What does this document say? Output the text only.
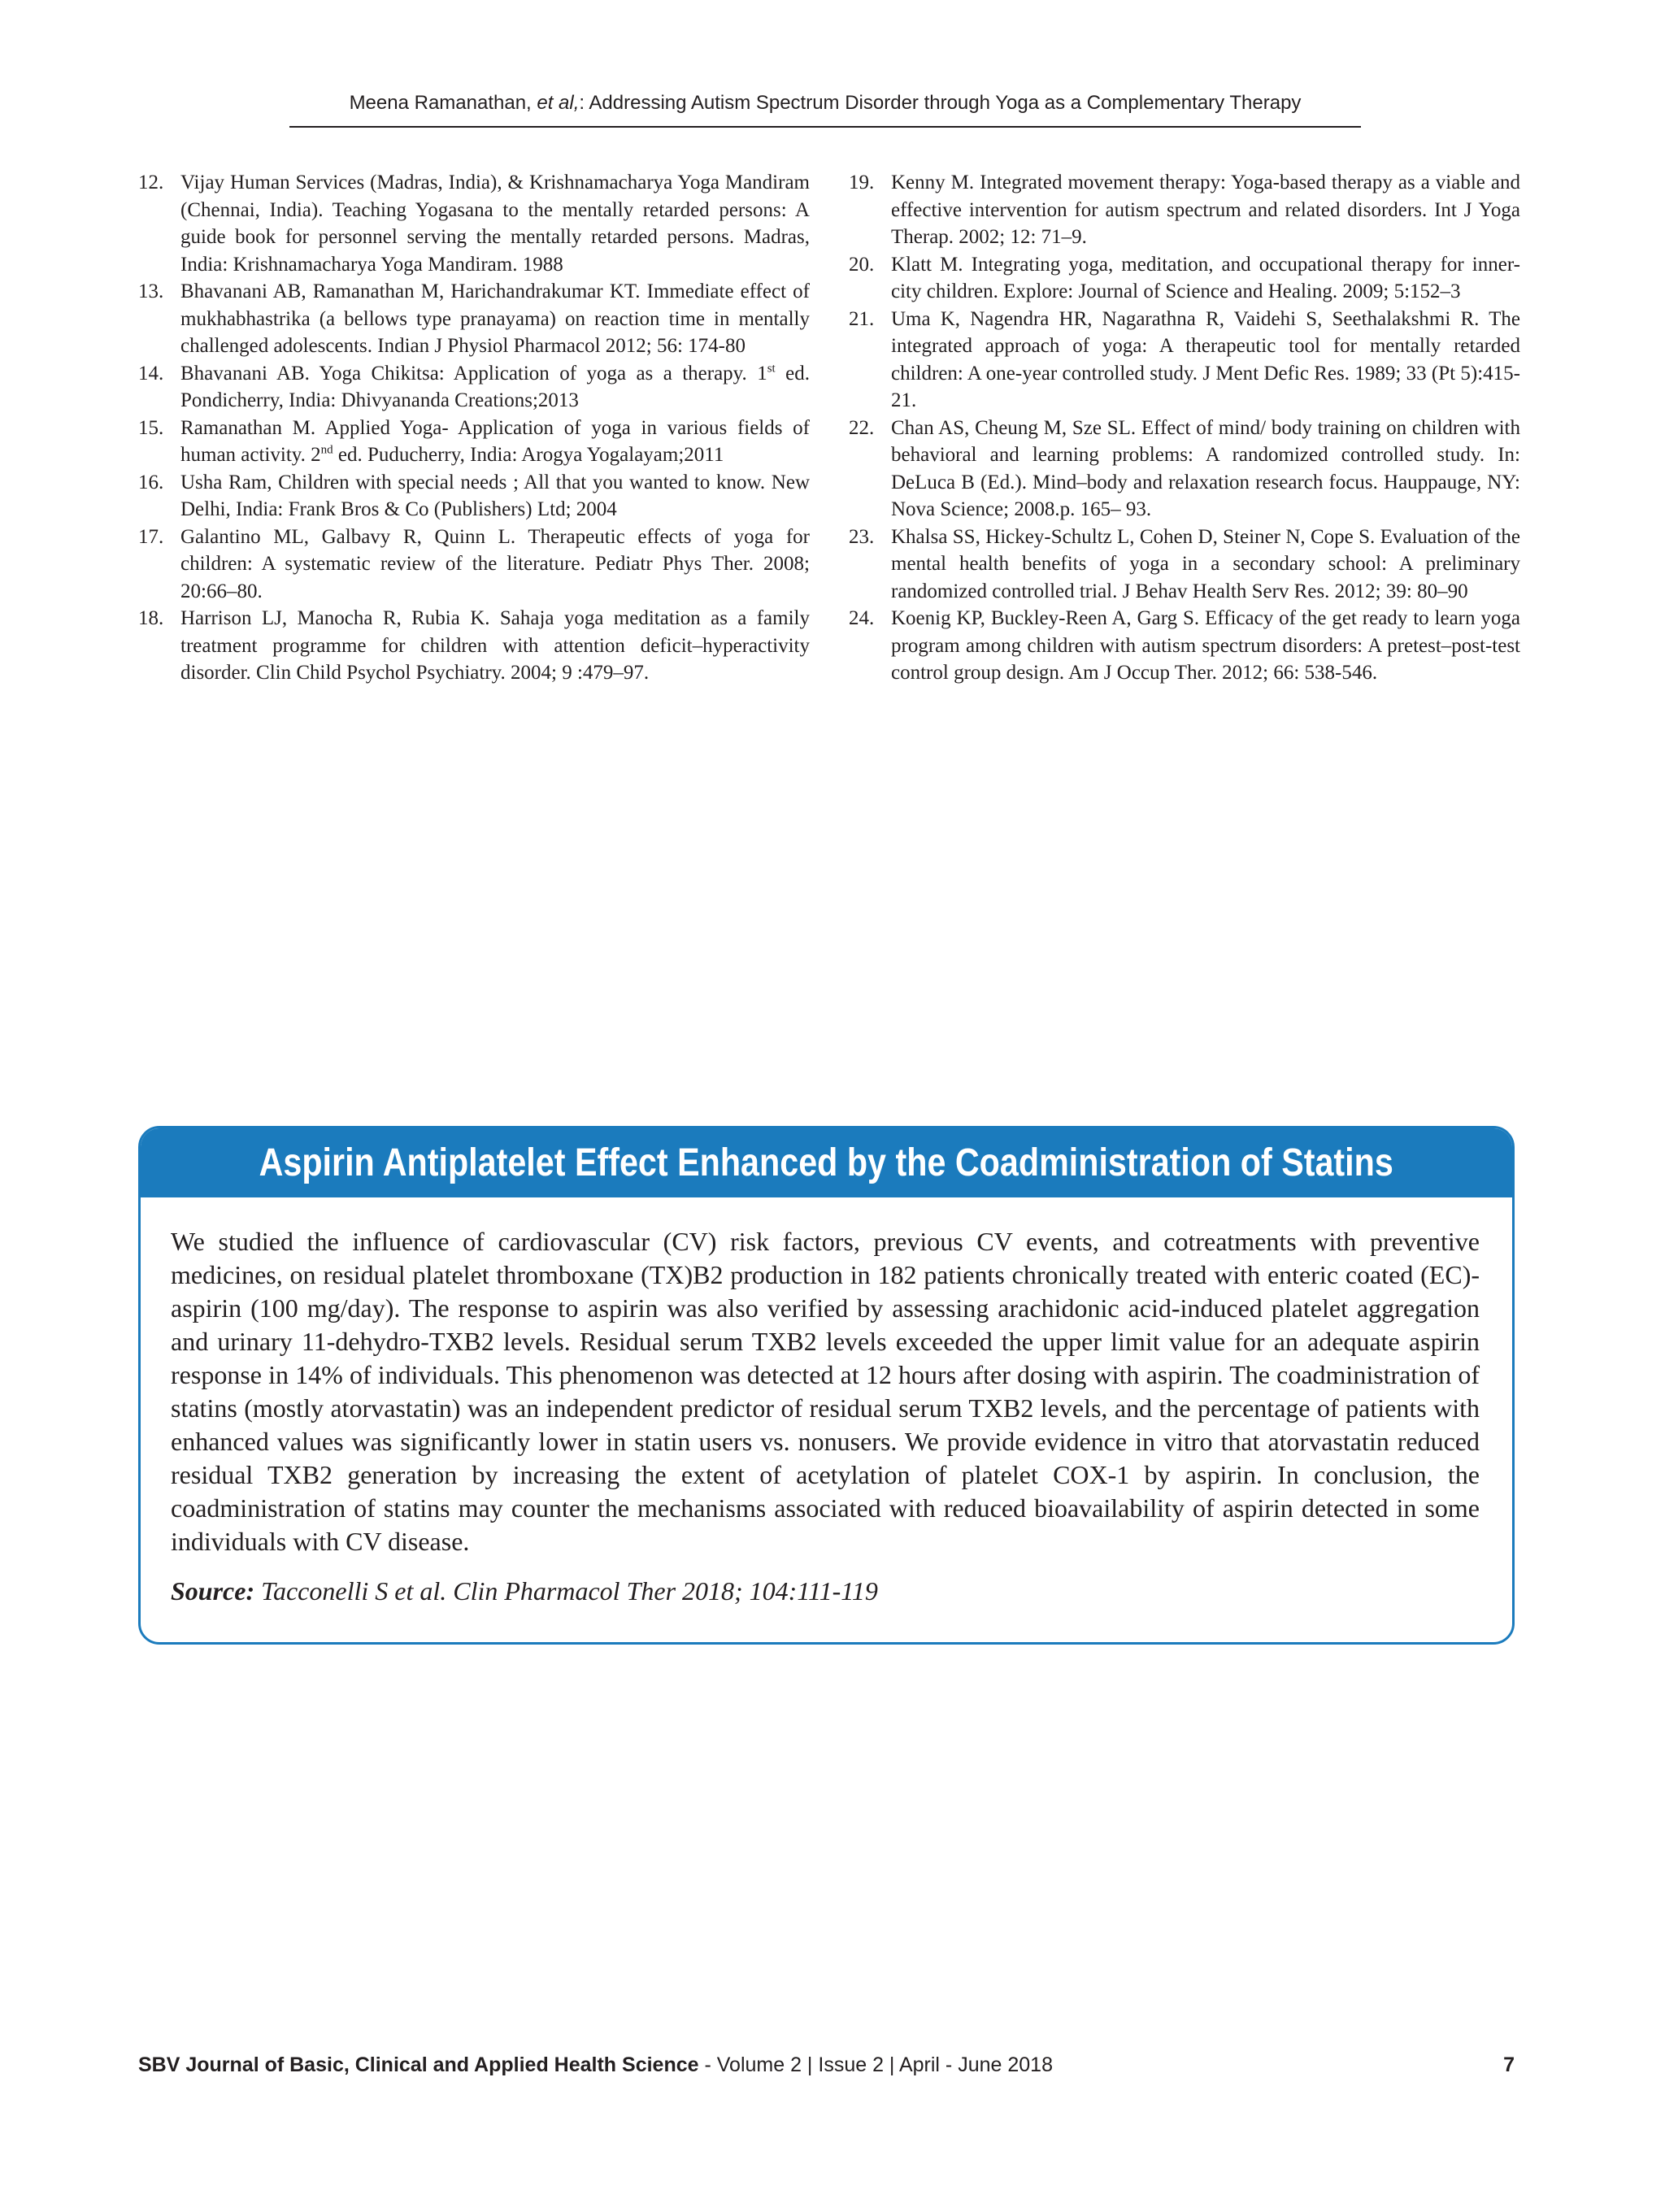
Meena Ramanathan, et al,: Addressing Autism Spectrum Disorder through Yoga as a Complementary Therapy
12. Vijay Human Services (Madras, India), & Krishnamacharya Yoga Mandiram (Chennai, India). Teaching Yogasana to the mentally retarded persons: A guide book for personnel serving the mentally retarded persons. Madras, India: Krishnamacharya Yoga Mandiram. 1988
13. Bhavanani AB, Ramanathan M, Harichandrakumar KT. Immediate effect of mukhabhastrika (a bellows type pranayama) on reaction time in mentally challenged adolescents. Indian J Physiol Pharmacol 2012; 56: 174-80
14. Bhavanani AB. Yoga Chikitsa: Application of yoga as a therapy. 1st ed. Pondicherry, India: Dhivyananda Creations;2013
15. Ramanathan M. Applied Yoga- Application of yoga in various fields of human activity. 2nd ed. Puducherry, India: Arogya Yogalayam;2011
16. Usha Ram, Children with special needs ; All that you wanted to know. New Delhi, India: Frank Bros & Co (Publishers) Ltd; 2004
17. Galantino ML, Galbavy R, Quinn L. Therapeutic effects of yoga for children: A systematic review of the literature. Pediatr Phys Ther. 2008; 20:66–80.
18. Harrison LJ, Manocha R, Rubia K. Sahaja yoga meditation as a family treatment programme for children with attention deficit–hyperactivity disorder. Clin Child Psychol Psychiatry. 2004; 9 :479–97.
19. Kenny M. Integrated movement therapy: Yoga-based therapy as a viable and effective intervention for autism spectrum and related disorders. Int J Yoga Therap. 2002; 12: 71–9.
20. Klatt M. Integrating yoga, meditation, and occupational therapy for inner-city children. Explore: Journal of Science and Healing. 2009; 5:152–3
21. Uma K, Nagendra HR, Nagarathna R, Vaidehi S, Seethalakshmi R. The integrated approach of yoga: A therapeutic tool for mentally retarded children: A one-year controlled study. J Ment Defic Res. 1989; 33 (Pt 5):415-21.
22. Chan AS, Cheung M, Sze SL. Effect of mind/ body training on children with behavioral and learning problems: A randomized controlled study. In: DeLuca B (Ed.). Mind–body and relaxation research focus. Hauppauge, NY: Nova Science; 2008.p. 165– 93.
23. Khalsa SS, Hickey-Schultz L, Cohen D, Steiner N, Cope S. Evaluation of the mental health benefits of yoga in a secondary school: A preliminary randomized controlled trial. J Behav Health Serv Res. 2012; 39: 80–90
24. Koenig KP, Buckley-Reen A, Garg S. Efficacy of the get ready to learn yoga program among children with autism spectrum disorders: A pretest–post-test control group design. Am J Occup Ther. 2012; 66: 538-546.
Aspirin Antiplatelet Effect Enhanced by the Coadministration of Statins
We studied the influence of cardiovascular (CV) risk factors, previous CV events, and cotreatments with preventive medicines, on residual platelet thromboxane (TX)B2 production in 182 patients chronically treated with enteric coated (EC)-aspirin (100 mg/day). The response to aspirin was also verified by assessing arachidonic acid-induced platelet aggregation and urinary 11-dehydro-TXB2 levels. Residual serum TXB2 levels exceeded the upper limit value for an adequate aspirin response in 14% of individuals. This phenomenon was detected at 12 hours after dosing with aspirin. The coadministration of statins (mostly atorvastatin) was an independent predictor of residual serum TXB2 levels, and the percentage of patients with enhanced values was significantly lower in statin users vs. nonusers. We provide evidence in vitro that atorvastatin reduced residual TXB2 generation by increasing the extent of acetylation of platelet COX-1 by aspirin. In conclusion, the coadministration of statins may counter the mechanisms associated with reduced bioavailability of aspirin detected in some individuals with CV disease.
Source: Tacconelli S et al. Clin Pharmacol Ther 2018; 104:111-119
SBV Journal of Basic, Clinical and Applied Health Science - Volume 2 | Issue 2 | April - June 2018	7
